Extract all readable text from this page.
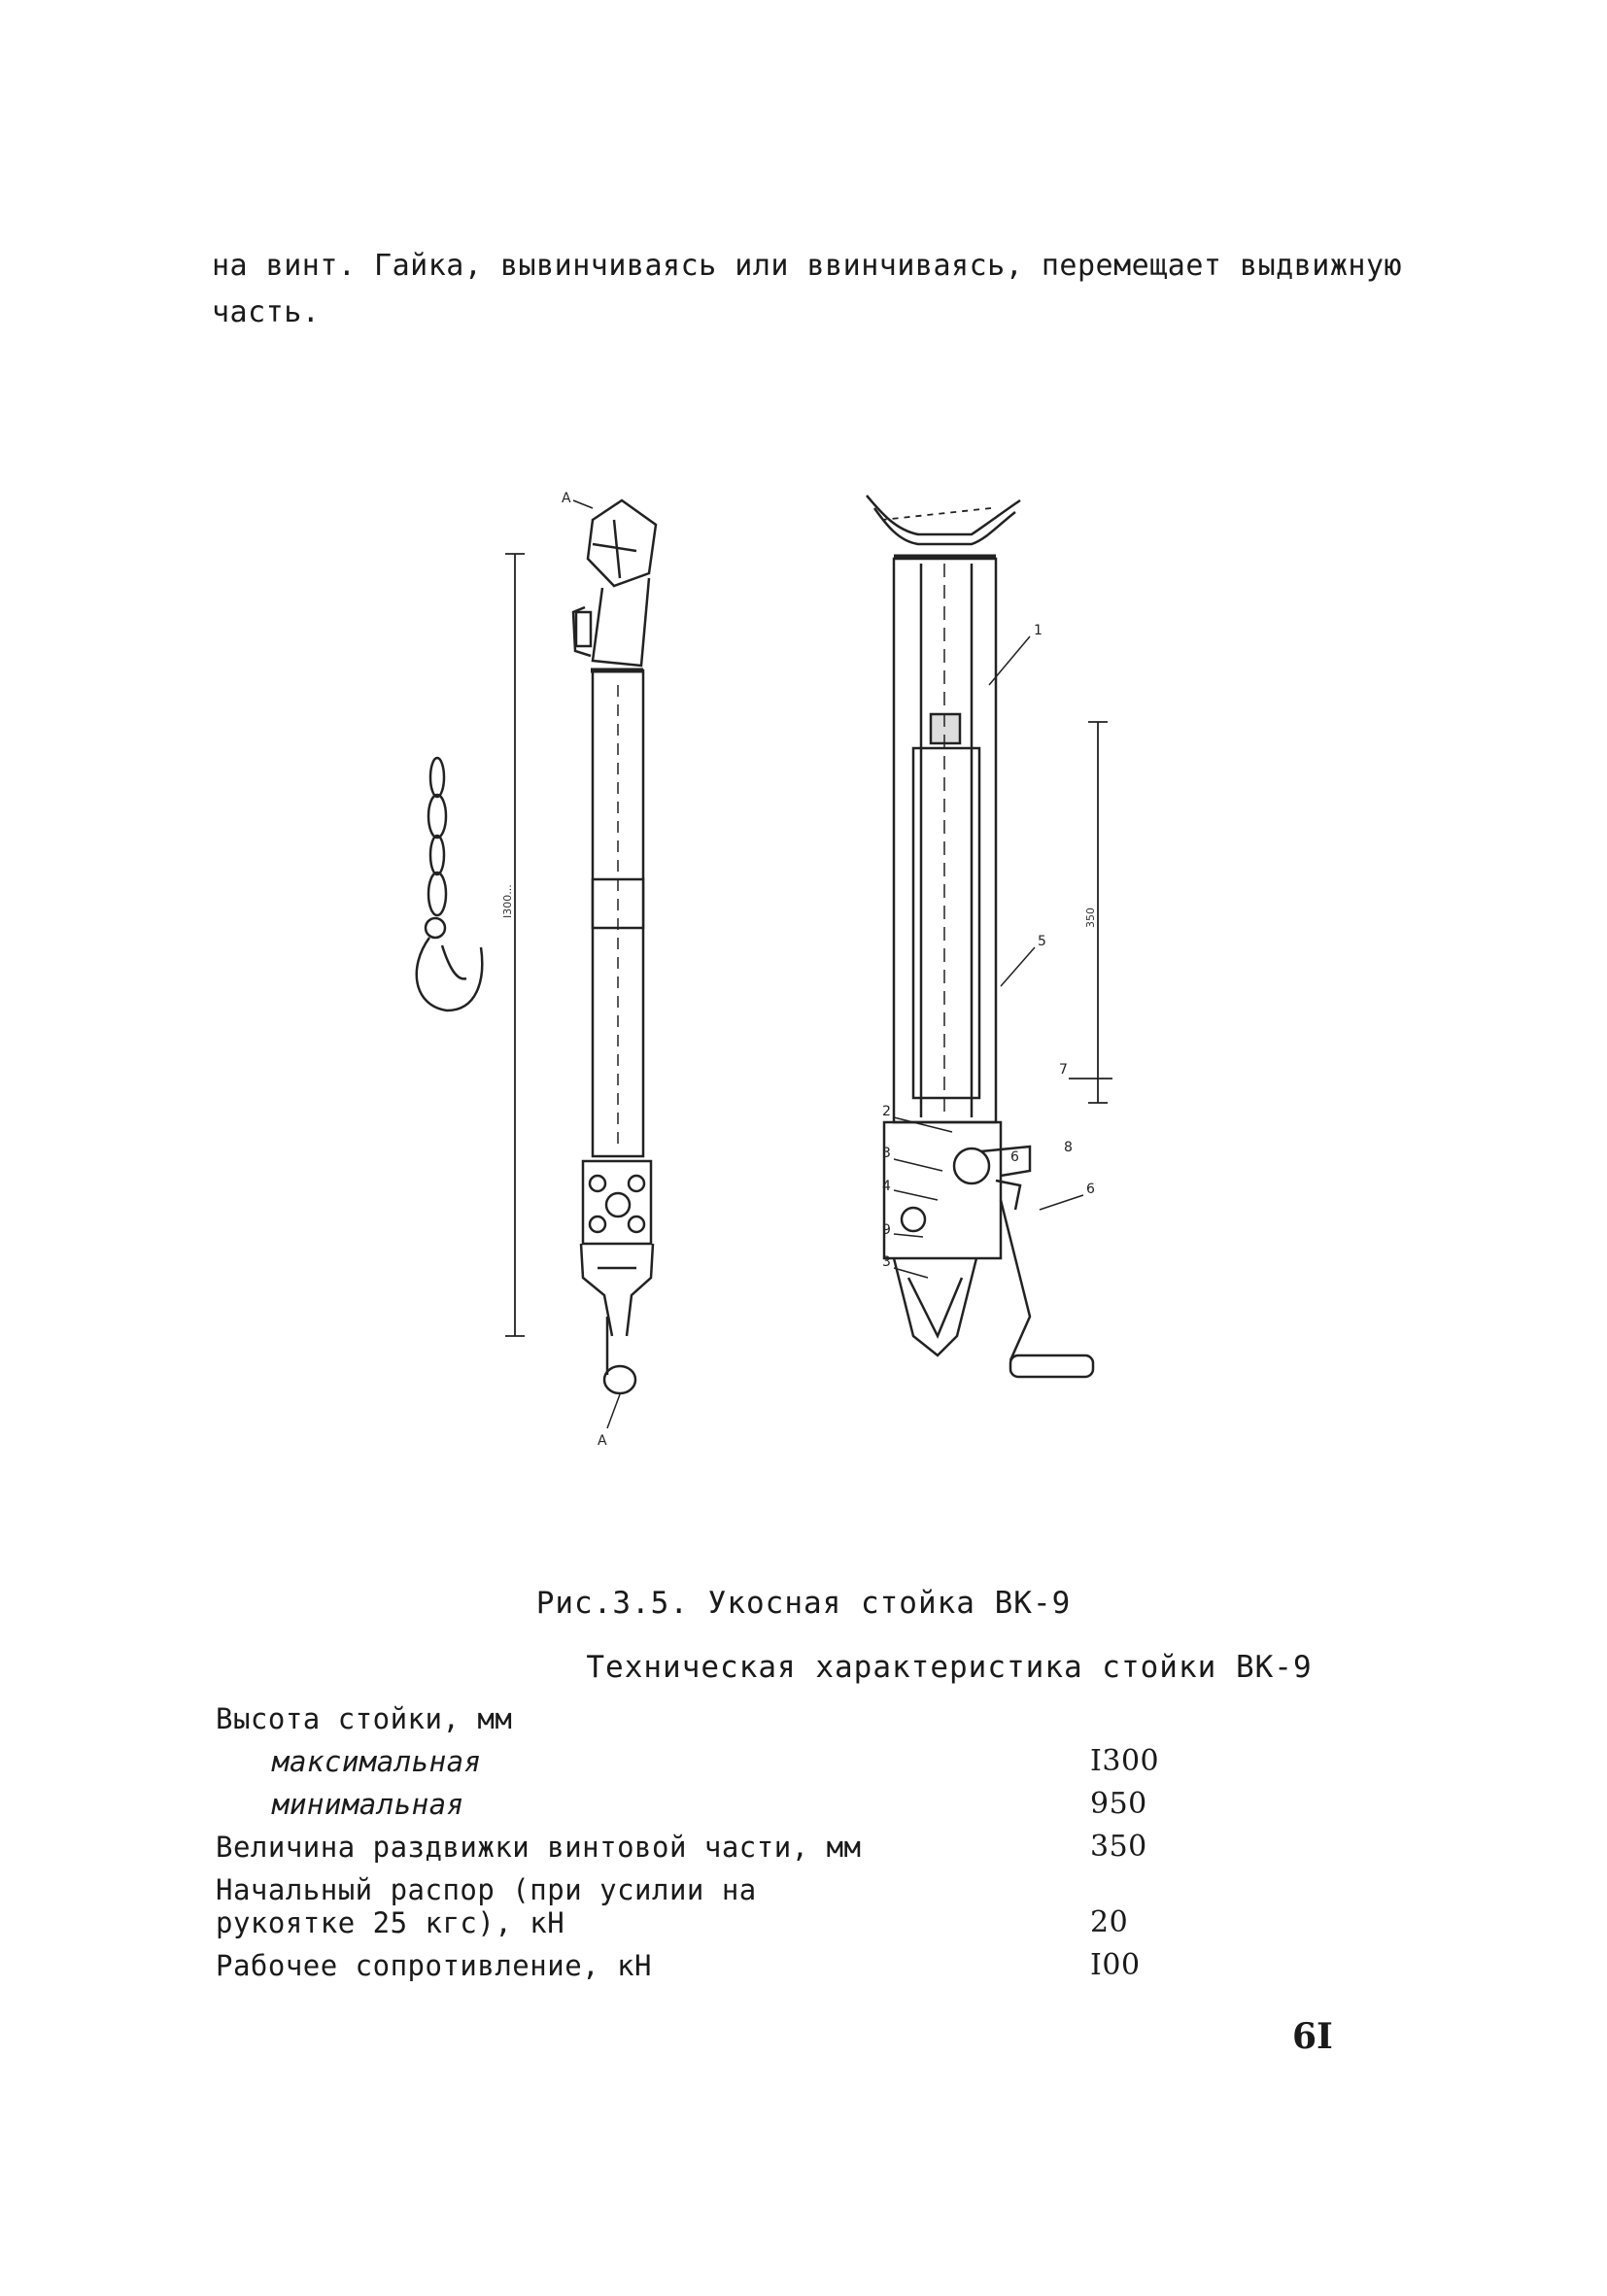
на винт. Гайка, вывинчиваясь или ввинчиваясь, перемещает выдвижную часть.
1
5
2
3
4
9
3
7
6
8
6
А
А
I300...	350
Рис.3.5. Укосная стойка ВК-9
Техническая характеристика стойки ВК-9
Высота стойки, мм
максимальная	I300
минимальная	950
Величина раздвижки винтовой части, мм	350
Начальный распор (при усилии на рукоятке 25 кгс), кН	20
Рабочее сопротивление, кН	I00
6I
